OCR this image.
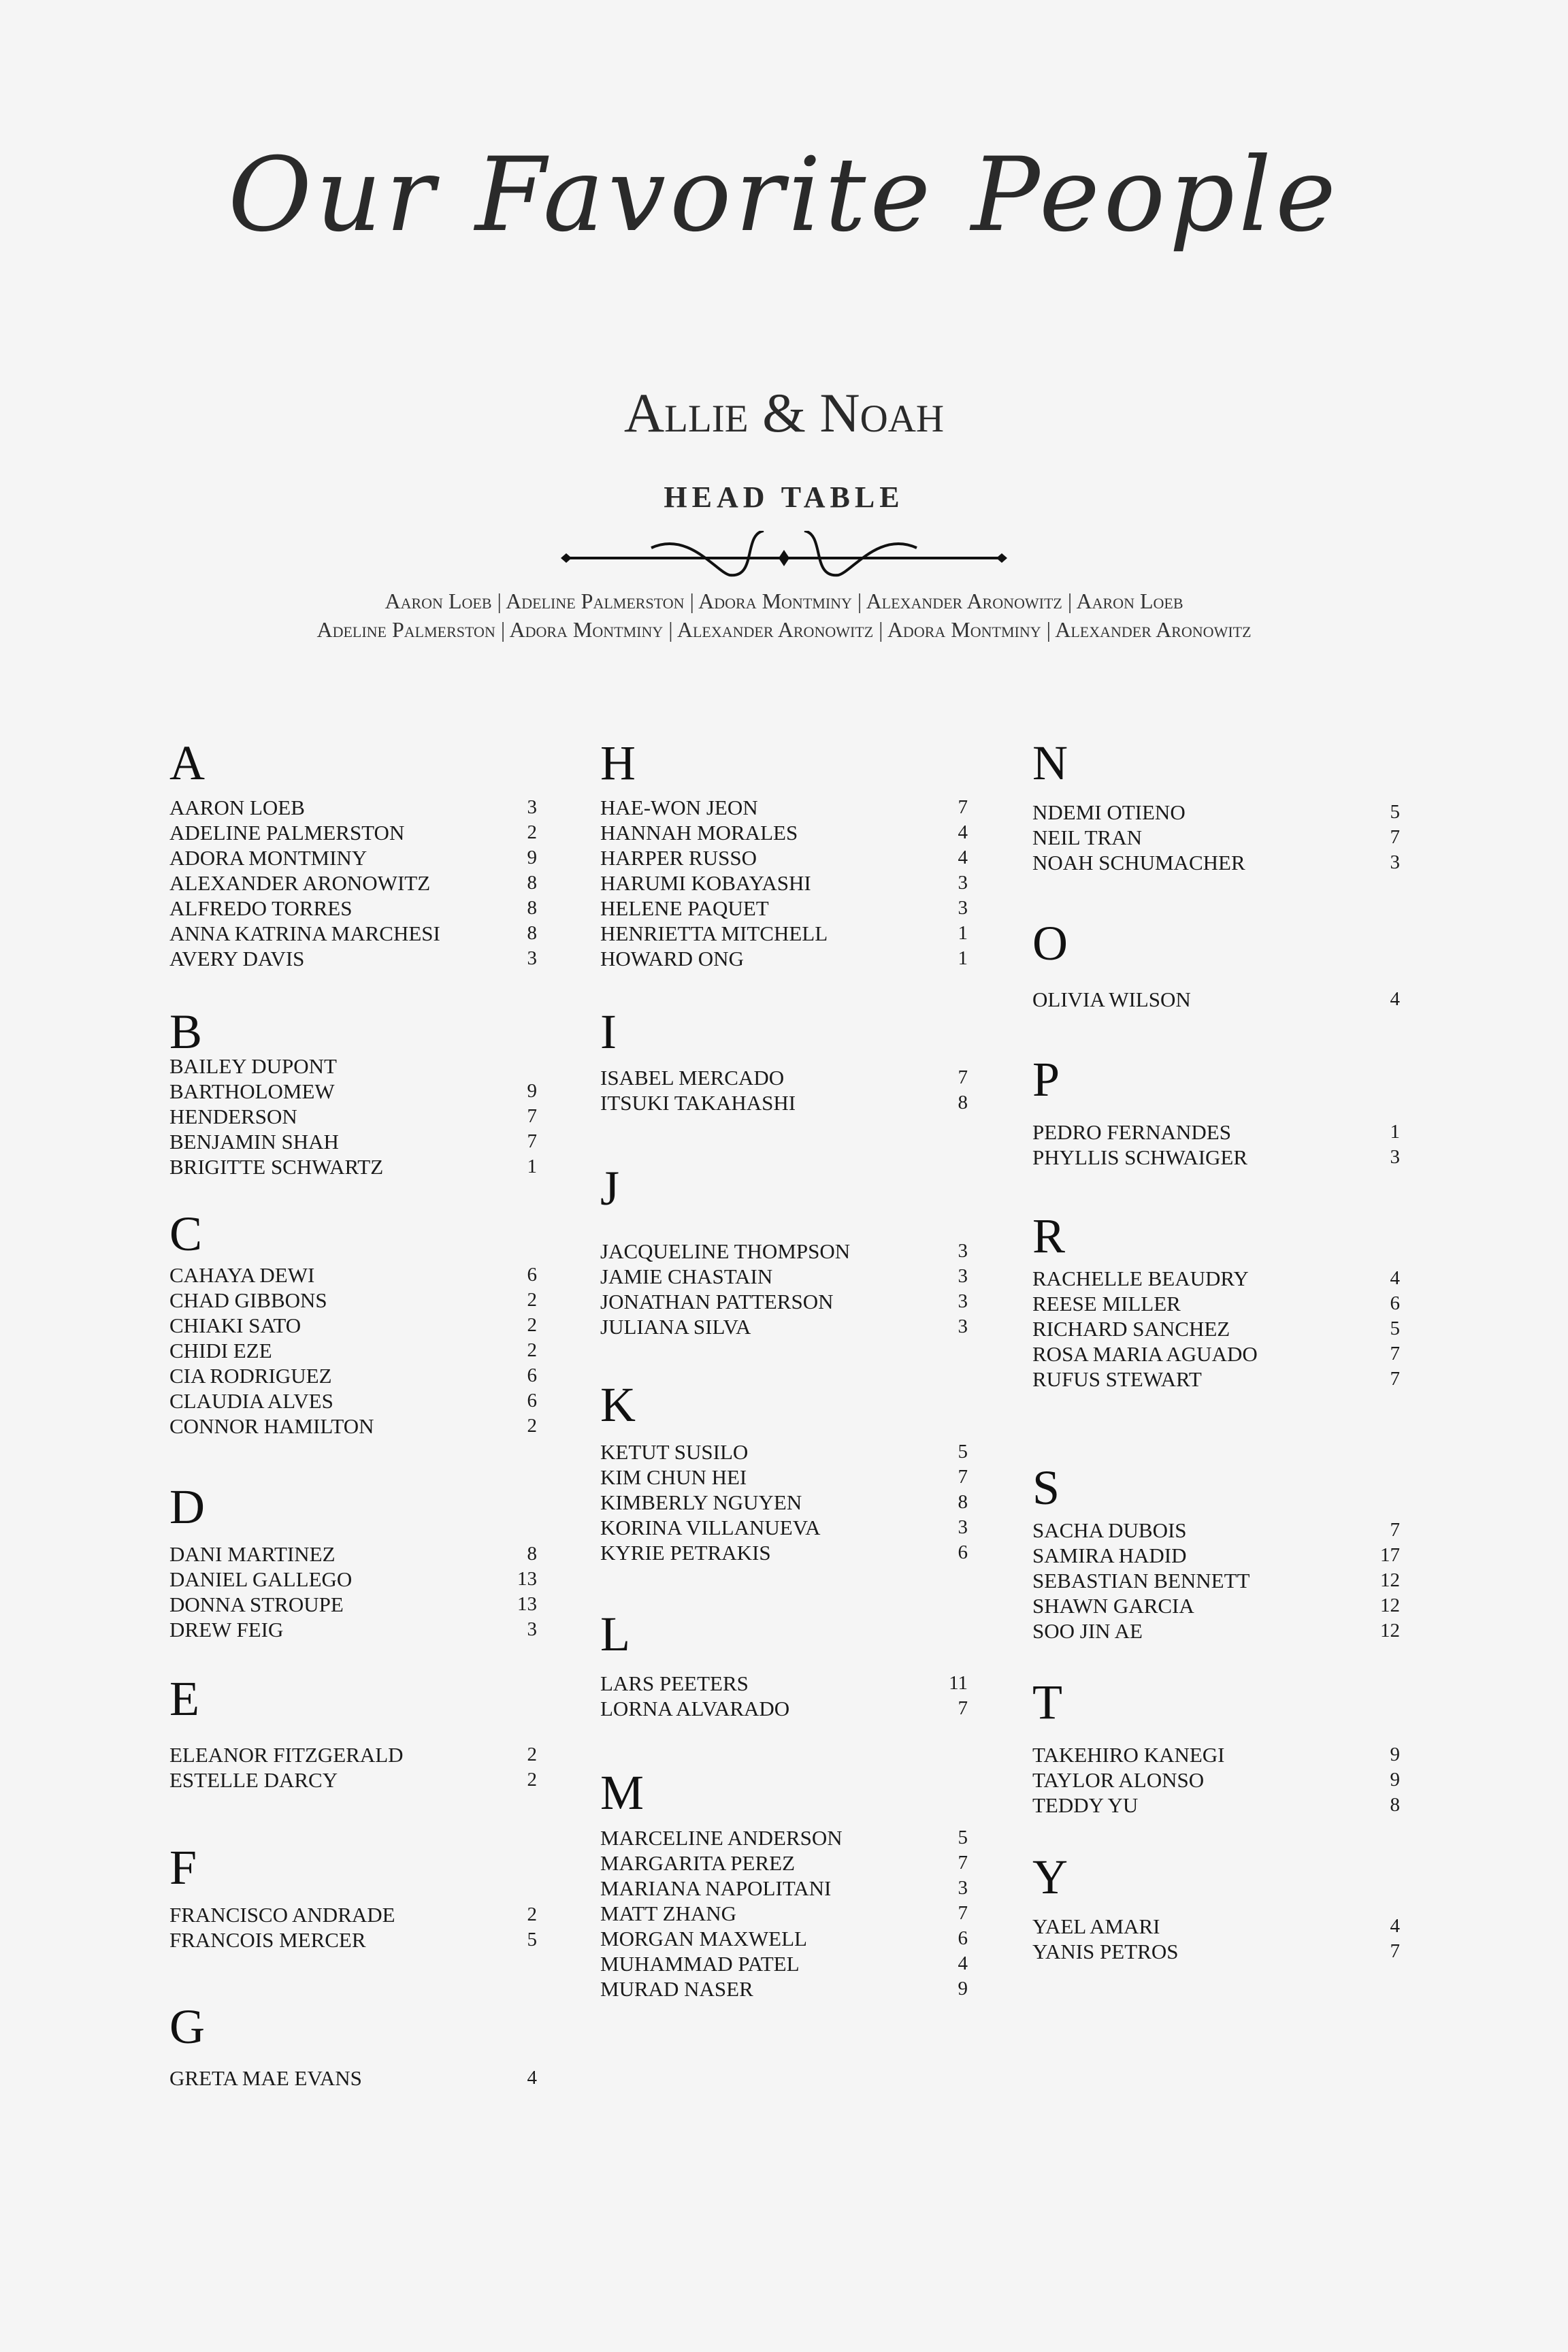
Our Favorite People
Allie & Noah
HEAD TABLE
Aaron Loeb | Adeline Palmerston | Adora Montminy | Alexander Aronowitz | Aaron Loeb
Adeline Palmerston | Adora Montminy | Alexander Aronowitz | Adora Montminy | Alexander Aronowitz
A
AARON LOEB	3
ADELINE PALMERSTON	2
ADORA MONTMINY	9
ALEXANDER ARONOWITZ	8
ALFREDO TORRES	8
ANNA KATRINA MARCHESI	8
AVERY DAVIS	3
B
BAILEY DUPONT
BARTHOLOMEW	9
HENDERSON	7
BENJAMIN SHAH	7
BRIGITTE SCHWARTZ	1
C
CAHAYA DEWI	6
CHAD GIBBONS	2
CHIAKI SATO	2
CHIDI EZE	2
CIA RODRIGUEZ	6
CLAUDIA ALVES	6
CONNOR HAMILTON	2
D
DANI MARTINEZ	8
DANIEL GALLEGO	13
DONNA STROUPE	13
DREW FEIG	3
E
ELEANOR FITZGERALD	2
ESTELLE DARCY	2
F
FRANCISCO ANDRADE	2
FRANCOIS MERCER	5
G
GRETA MAE EVANS	4
H
HAE-WON JEON	7
HANNAH MORALES	4
HARPER RUSSO	4
HARUMI KOBAYASHI	3
HELENE PAQUET	3
HENRIETTA MITCHELL	1
HOWARD ONG	1
I
ISABEL MERCADO	7
ITSUKI TAKAHASHI	8
J
JACQUELINE THOMPSON	3
JAMIE CHASTAIN	3
JONATHAN PATTERSON	3
JULIANA SILVA	3
K
KETUT SUSILO	5
KIM CHUN HEI	7
KIMBERLY NGUYEN	8
KORINA VILLANUEVA	3
KYRIE PETRAKIS	6
L
LARS PEETERS	11
LORNA ALVARADO	7
M
MARCELINE ANDERSON	5
MARGARITA PEREZ	7
MARIANA NAPOLITANI	3
MATT ZHANG	7
MORGAN MAXWELL	6
MUHAMMAD PATEL	4
MURAD NASER	9
N
NDEMI OTIENO	5
NEIL TRAN	7
NOAH SCHUMACHER	3
O
OLIVIA WILSON	4
P
PEDRO FERNANDES	1
PHYLLIS SCHWAIGER	3
R
RACHELLE BEAUDRY	4
REESE MILLER	6
RICHARD SANCHEZ	5
ROSA MARIA AGUADO	7
RUFUS STEWART	7
S
SACHA DUBOIS	7
SAMIRA HADID	17
SEBASTIAN BENNETT	12
SHAWN GARCIA	12
SOO JIN AE	12
T
TAKEHIRO KANEGI	9
TAYLOR ALONSO	9
TEDDY YU	8
Y
YAEL AMARI	4
YANIS PETROS	7
